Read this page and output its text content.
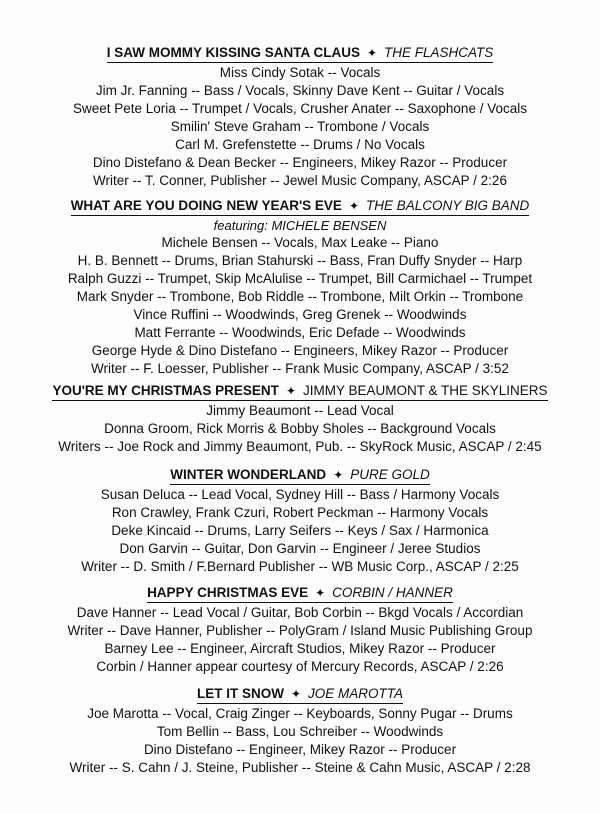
I SAW MOMMY KISSING SANTA CLAUS ✦ THE FLASHCATS
Miss Cindy Sotak -- Vocals
Jim Jr. Fanning -- Bass / Vocals, Skinny Dave Kent -- Guitar / Vocals
Sweet Pete Loria -- Trumpet / Vocals, Crusher Anater -- Saxophone / Vocals
Smilin' Steve Graham -- Trombone / Vocals
Carl M. Grefenstette -- Drums / No Vocals
Dino Distefano & Dean Becker -- Engineers, Mikey Razor -- Producer
Writer -- T. Conner, Publisher -- Jewel Music Company, ASCAP / 2:26
WHAT ARE YOU DOING NEW YEAR'S EVE ✦ THE BALCONY BIG BAND
featuring: MICHELE BENSEN
Michele Bensen -- Vocals, Max Leake -- Piano
H. B. Bennett -- Drums, Brian Stahurski -- Bass, Fran Duffy Snyder -- Harp
Ralph Guzzi -- Trumpet, Skip McAlulise -- Trumpet, Bill Carmichael -- Trumpet
Mark Snyder -- Trombone, Bob Riddle -- Trombone, Milt Orkin -- Trombone
Vince Ruffini -- Woodwinds, Greg Grenek -- Woodwinds
Matt Ferrante -- Woodwinds, Eric Defade -- Woodwinds
George Hyde & Dino Distefano -- Engineers, Mikey Razor -- Producer
Writer -- F. Loesser, Publisher -- Frank Music Company, ASCAP / 3:52
YOU'RE MY CHRISTMAS PRESENT ✦ JIMMY BEAUMONT & THE SKYLINERS
Jimmy Beaumont -- Lead Vocal
Donna Groom, Rick Morris & Bobby Sholes -- Background Vocals
Writers -- Joe Rock and Jimmy Beaumont, Pub. -- SkyRock Music, ASCAP / 2:45
WINTER WONDERLAND ✦ PURE GOLD
Susan Deluca -- Lead Vocal, Sydney Hill -- Bass / Harmony Vocals
Ron Crawley, Frank Czuri, Robert Peckman -- Harmony Vocals
Deke Kincaid -- Drums, Larry Seifers -- Keys / Sax / Harmonica
Don Garvin -- Guitar, Don Garvin -- Engineer / Jeree Studios
Writer -- D. Smith / F.Bernard Publisher -- WB Music Corp., ASCAP / 2:25
HAPPY CHRISTMAS EVE ✦ CORBIN / HANNER
Dave Hanner -- Lead Vocal / Guitar, Bob Corbin -- Bkgd Vocals / Accordian
Writer -- Dave Hanner, Publisher -- PolyGram / Island Music Publishing Group
Barney Lee -- Engineer, Aircraft Studios, Mikey Razor -- Producer
Corbin / Hanner appear courtesy of Mercury Records, ASCAP / 2:26
LET IT SNOW ✦ JOE MAROTTA
Joe Marotta -- Vocal, Craig Zinger -- Keyboards, Sonny Pugar -- Drums
Tom Bellin -- Bass, Lou Schreiber -- Woodwinds
Dino Distefano -- Engineer, Mikey Razor -- Producer
Writer -- S. Cahn / J. Steine, Publisher -- Steine & Cahn Music, ASCAP / 2:28
